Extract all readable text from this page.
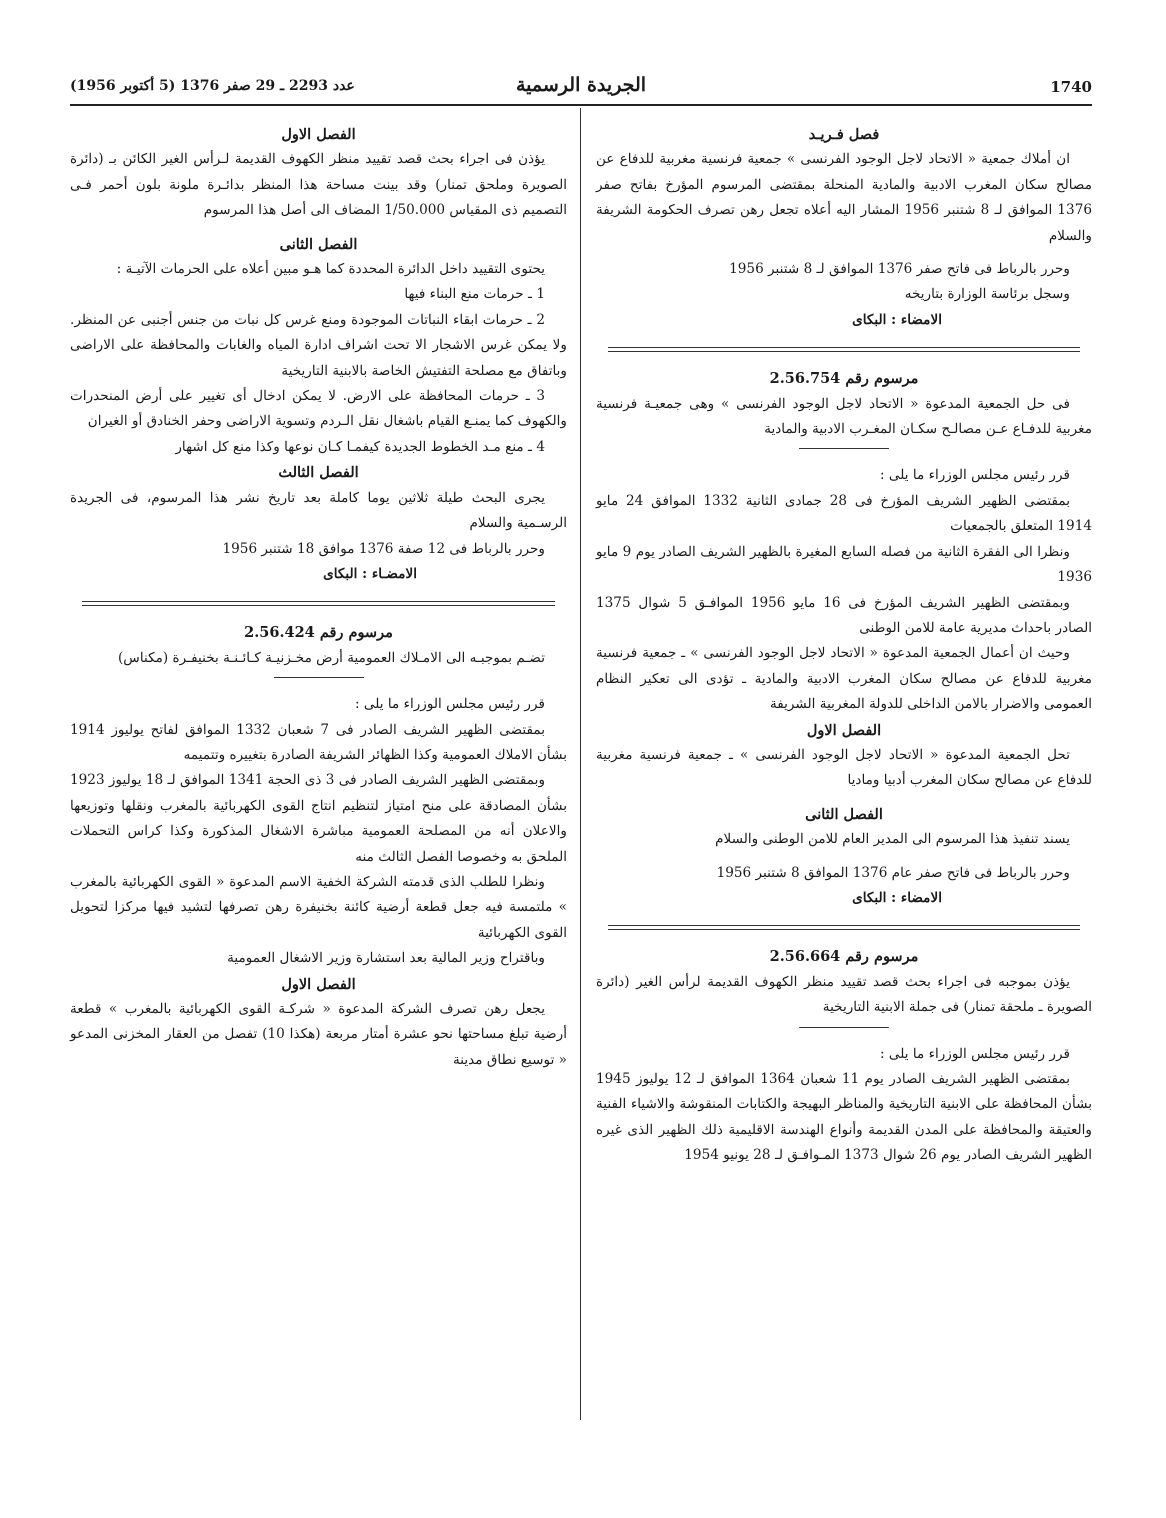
1740
الجريدة الرسمية
عدد 2293 ـ 29 صفر 1376 (5 أكتوبر 1956)

فصل فـريـد

ان أملاك جمعية « الاتحاد لاجل الوجود الفرنسى » جمعية فرنسية مغربية للدفاع عن مصالح سكان المغرب الادبية والمادية المنحلة بمقتضى المرسوم المؤرخ بفاتح صفر 1376 الموافق لـ 8 شتنبر 1956 المشار اليه أعلاه تجعل رهن تصرف الحكومة الشريفة والسلام

وحرر بالرباط فى فاتح صفر 1376 الموافق لـ 8 شتنبر 1956

وسجل برئاسة الوزارة بتاريخه

الامضاء : البكاى

مرسوم رقم 2.56.754

فى حل الجمعية المدعوة « الاتحاد لاجل الوجود الفرنسى » وهى جمعيـة فرنسية مغربية للدفـاع عـن مصالـح سكـان المغـرب الادبية والمادية

قرر رئيس مجلس الوزراء ما يلى :

بمقتضى الظهير الشريف المؤرخ فى 28 جمادى الثانية 1332 الموافق 24 مايو 1914 المتعلق بالجمعيات

ونظرا الى الفقرة الثانية من فصله السابع المغيرة بالظهير الشريف الصادر يوم 9 مايو 1936

وبمقتضى الظهير الشريف المؤرخ فى 16 مايو 1956 الموافـق 5 شوال 1375 الصادر باحداث مديرية عامة للامن الوطنى

وحيث ان أعمال الجمعية المدعوة « الاتحاد لاجل الوجود الفرنسى » ـ جمعية فرنسية مغربية للدفاع عن مصالح سكان المغرب الادبية والمادية ـ تؤدى الى تعكير النظام العمومى والاضرار بالامن الداخلى للدولة المغربية الشريفة

الفصل الاول

تحل الجمعية المدعوة « الاتحاد لاجل الوجود الفرنسى » ـ جمعية فرنسية مغربية للدفاع عن مصالح سكان المغرب أدبيا وماديا

الفصل الثانى

يسند تنفيذ هذا المرسوم الى المدير العام للامن الوطنى والسلام

وحرر بالرباط فى فاتح صفر عام 1376 الموافق 8 شتنبر 1956

الامضاء : البكاى

مرسوم رقم 2.56.664

يؤذن بموجبه فى اجراء بحث قصد تقييد منظر الكهوف القديمة لرأس الغير (دائرة الصويرة ـ ملحقة تمنار) فى جملة الابنية التاريخية

قرر رئيس مجلس الوزراء ما يلى :

بمقتضى الظهير الشريف الصادر يوم 11 شعبان 1364 الموافق لـ 12 يوليوز 1945 بشأن المحافظة على الابنية التاريخية والمناظر البهيجة والكتابات المنقوشة والاشياء الفنية والعتيقة والمحافظة على المدن القديمة وأنواع الهندسة الاقليمية ذلك الظهير الذى غيره الظهير الشريف الصادر يوم 26 شوال 1373 المـوافـق لـ 28 يونيو 1954

الفصل الاول

يؤذن فى اجراء بحث قصد تقييد منظر الكهوف القديمة لـرأس الغير الكائن بـ (دائرة الصويرة وملحق تمنار) وقد بينت مساحة هذا المنظر بدائـرة ملونة بلون أحمر فـى التصميم ذى المقياس 1/50.000 المضاف الى أصل هذا المرسوم

الفصل الثانى

يحتوى التقييد داخل الدائرة المحددة كما هـو مبين أعلاه على الحرمات الآتيـة :

1 ـ حرمات منع البناء فيها

2 ـ حرمات ابقاء النباتات الموجودة ومنع غرس كل نبات من جنس أجنبى عن المنظر. ولا يمكن غرس الاشجار الا تحت اشراف ادارة المياه والغابات والمحافظة على الاراضى وباتفاق مع مصلحة التفتيش الخاصة بالابنية التاريخية

3 ـ حرمات المحافظة على الارض. لا يمكن ادخال أى تغيير على أرض المنحدرات والكهوف كما يمنـع القيام باشغال نقل الـردم وتسوية الاراضى وحفر الخنادق أو الغيران

4 ـ منع مـد الخطوط الجديدة كيفمـا كـان نوعها وكذا منع كل اشهار

الفصل الثالث

يجرى البحث طيلة ثلاثين يوما كاملة بعد تاريخ نشر هذا المرسوم، فى الجريدة الرسـمية والسلام

وحرر بالرباط فى 12 صفة 1376 موافق 18 شتنبر 1956

الامضـاء : البكاى

مرسوم رقم 2.56.424

تضـم بموجبـه الى الامـلاك العمومية أرض مخـزنيـة كـائـنـة بخنيفـرة (مكناس)

قرر رئيس مجلس الوزراء ما يلى :

بمقتضى الظهير الشريف الصادر فى 7 شعبان 1332 الموافق لفاتح يوليوز 1914 بشأن الاملاك العمومية وكذا الظهائر الشريفة الصادرة بتغييره وتتميمه

وبمقتضى الظهير الشريف الصادر فى 3 ذى الحجة 1341 الموافق لـ 18 يوليوز 1923 بشأن المصادقة على منح امتياز لتنظيم انتاج القوى الكهربائية بالمغرب ونقلها وتوزيعها والاعلان أنه من المصلحة العمومية مباشرة الاشغال المذكورة وكذا كراس التحملات الملحق به وخصوصا الفصل الثالث منه

ونظرا للطلب الذى قدمته الشركة الخفية الاسم المدعوة « القوى الكهربائية بالمغرب » ملتمسة فيه جعل قطعة أرضية كائنة بخنيفرة رهن تصرفها لتشيد فيها مركزا لتحويل القوى الكهربائية

وباقتراح وزير المالية بعد استشارة وزير الاشغال العمومية

الفصل الاول

يجعل رهن تصرف الشركة المدعوة « شركـة القوى الكهربائية بالمغرب » قطعة أرضية تبلغ مساحتها نحو عشرة أمتار مربعة (هكذا 10) تفصل من العقار المخزنى المدعو « توسيع نطاق مدينة
